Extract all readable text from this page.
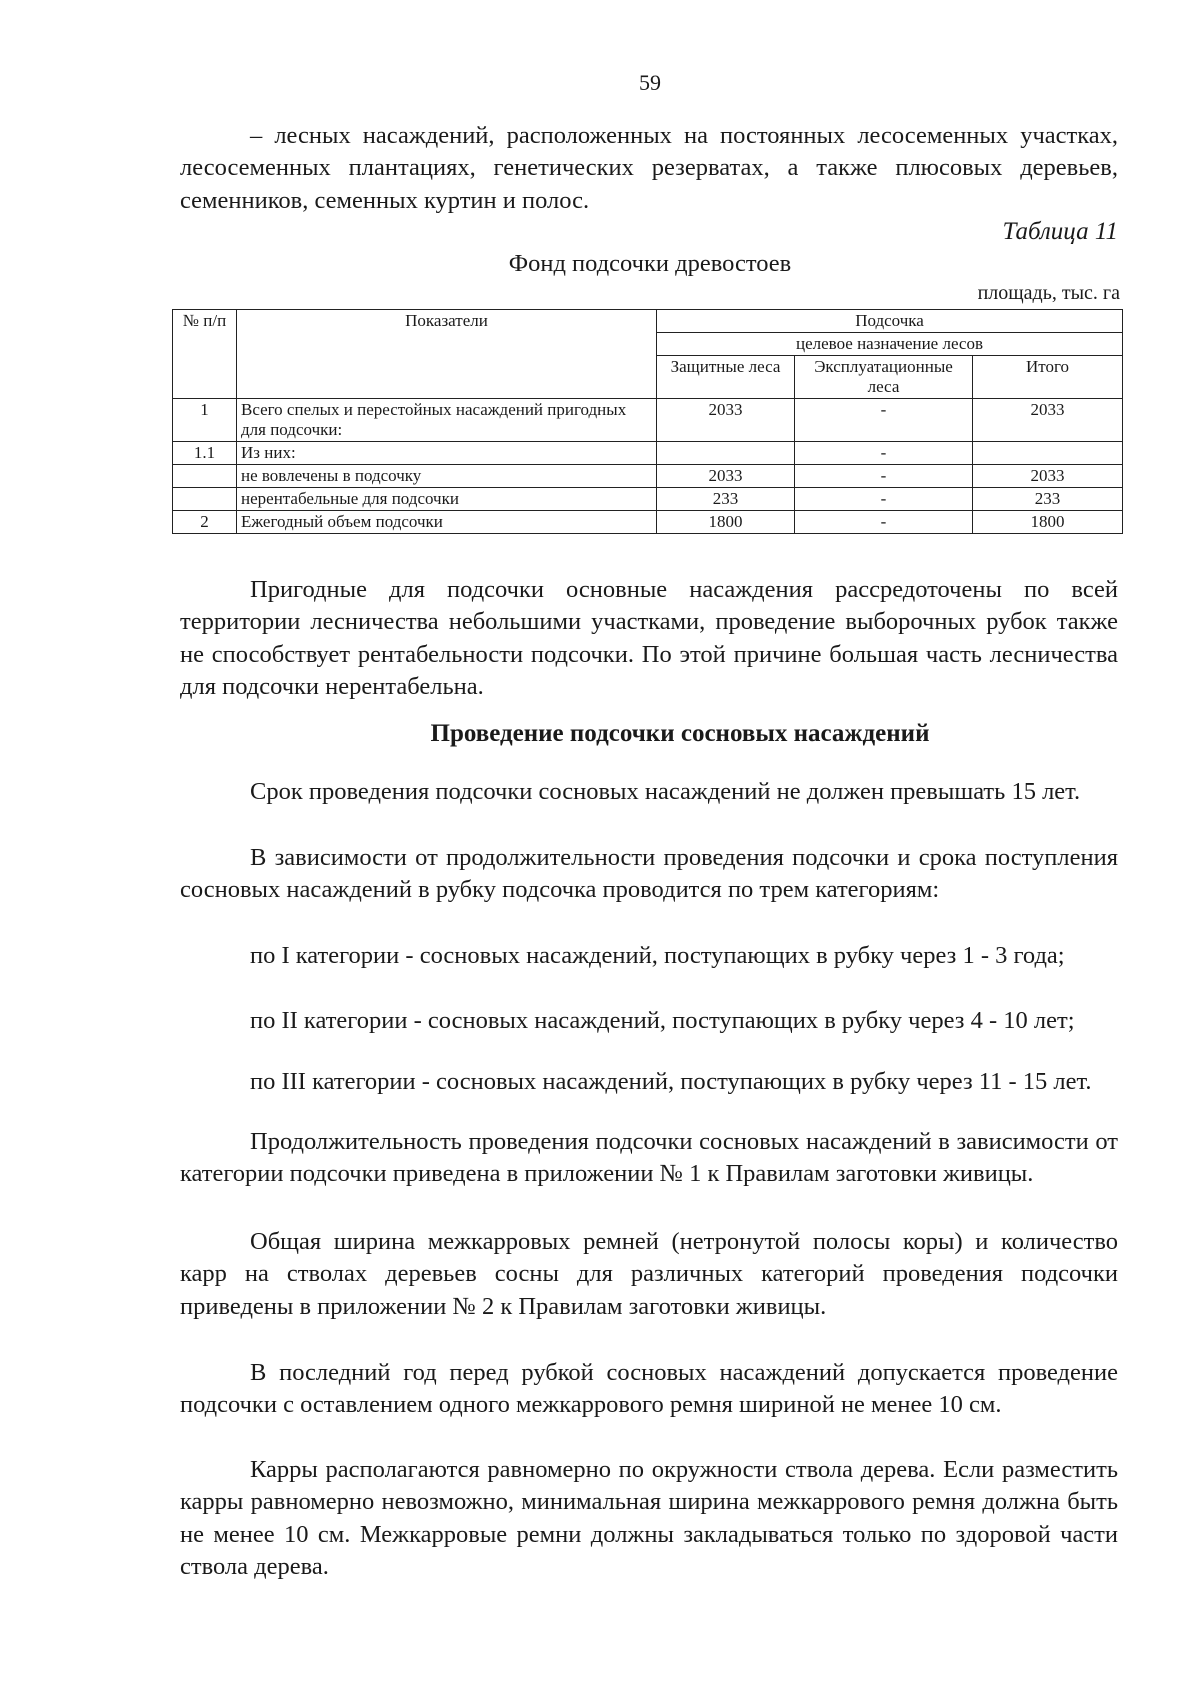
59

– лесных насаждений, расположенных на постоянных лесосеменных участках, лесосеменных плантациях, генетических резерватах, а также плюсовых деревьев, семенников, семенных куртин и полос.

Таблица 11
Фонд подсочки древостоев
площадь, тыс. га
№ п/п	Показатели	Подсочка		
		целевое назначение лесов		
		Защитные леса	Эксплуатационные леса	Итого
1	Всего спелых и перестойных насаждений пригодных для подсочки:	2033	-	2033
1.1	Из них:		-	
	не вовлечены в подсочку	2033	-	2033
	нерентабельные для подсочки	233	-	233
2	Ежегодный объем подсочки	1800	-	1800

Пригодные для подсочки основные насаждения рассредоточены по всей территории лесничества небольшими участками, проведение выборочных рубок также не способствует рентабельности подсочки. По этой причине большая часть лесничества для подсочки нерентабельна.

Проведение подсочки сосновых насаждений

Срок проведения подсочки сосновых насаждений не должен превышать 15 лет.

В зависимости от продолжительности проведения подсочки и срока поступления сосновых насаждений в рубку подсочка проводится по трем категориям:

по I категории - сосновых насаждений, поступающих в рубку через 1 - 3 года;

по II категории - сосновых насаждений, поступающих в рубку через 4 - 10 лет;

по III категории - сосновых насаждений, поступающих в рубку через 11 - 15 лет.

Продолжительность проведения подсочки сосновых насаждений в зависимости от категории подсочки приведена в приложении № 1 к Правилам заготовки живицы.

Общая ширина межкарровых ремней (нетронутой полосы коры) и количество карр на стволах деревьев сосны для различных категорий проведения подсочки приведены в приложении № 2 к Правилам заготовки живицы.

В последний год перед рубкой сосновых насаждений допускается проведение подсочки с оставлением одного межкаррового ремня шириной не менее 10 см.

Карры располагаются равномерно по окружности ствола дерева. Если разместить карры равномерно невозможно, минимальная ширина межкаррового ремня должна быть не менее 10 см. Межкарровые ремни должны закладываться только по здоровой части ствола дерева.
